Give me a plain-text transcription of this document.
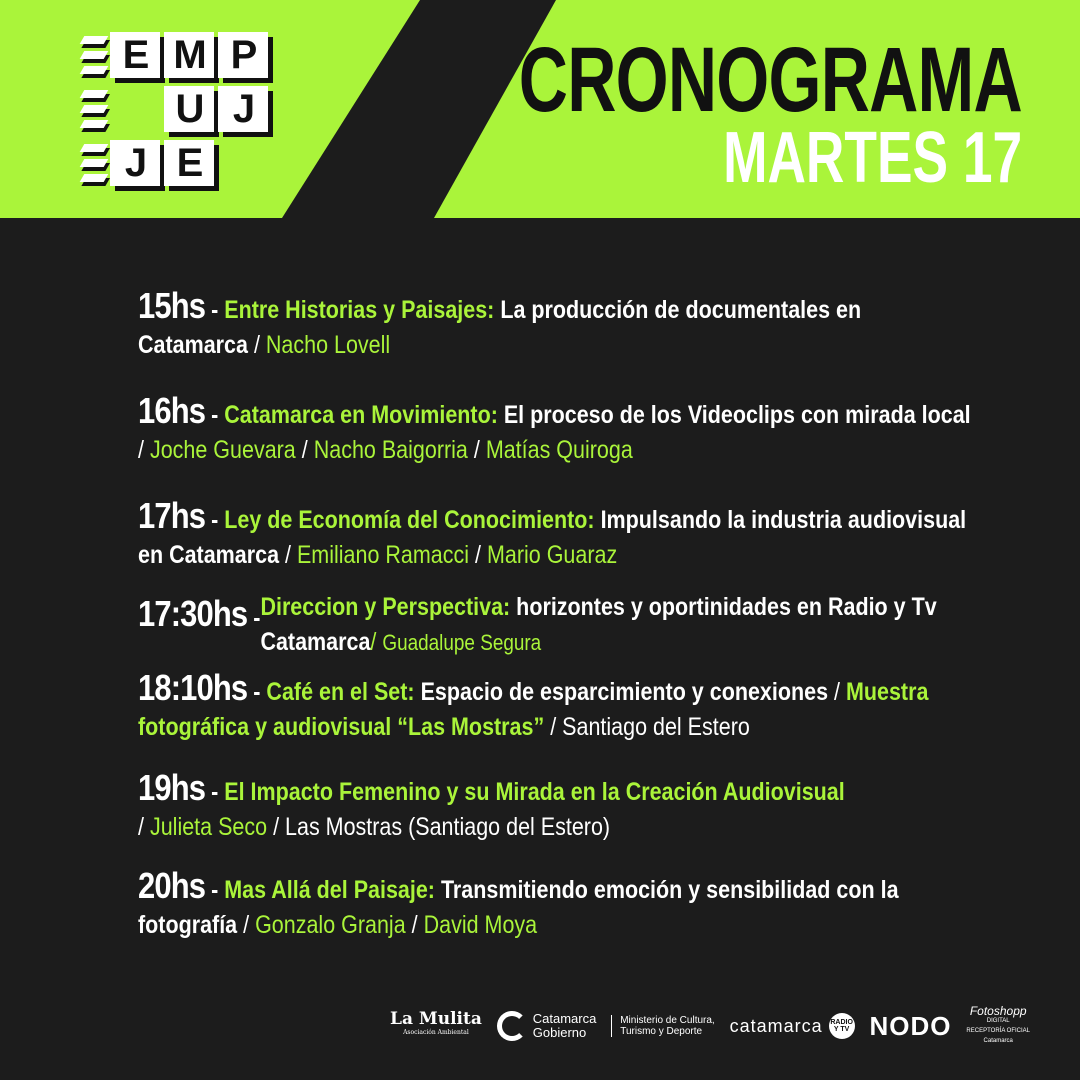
E M P
U J
J E
CRONOGRAMA
MARTES 17
15hs - Entre Historias y Paisajes: La producción de documentales en
Catamarca / Nacho Lovell
16hs - Catamarca en Movimiento: El proceso de los Videoclips con mirada local
/ Joche Guevara / Nacho Baigorria / Matías Quiroga
17hs - Ley de Economía del Conocimiento: Impulsando la industria audiovisual
en Catamarca / Emiliano Ramacci / Mario Guaraz
17:30hs - Direccion y Perspectiva: horizontes y oportinidades en Radio y Tv
Catamarca/ Guadalupe Segura
18:10hs - Café en el Set: Espacio de esparcimiento y conexiones / Muestra
fotográfica y audiovisual “Las Mostras” / Santiago del Estero
19hs - El Impacto Femenino y su Mirada en la Creación Audiovisual
/ Julieta Seco / Las Mostras (Santiago del Estero)
20hs - Mas Allá del Paisaje: Transmitiendo emoción y sensibilidad con la
fotografía / Gonzalo Granja / David Moya
La Mulita
Asociación Ambiental
Catamarca
Gobierno
Ministerio de Cultura,
Turismo y Deporte	catamarca RADIO Y TV NODO Fotoshopp
DIGITAL
RECEPTORÍA OFICIAL
Catamarca
